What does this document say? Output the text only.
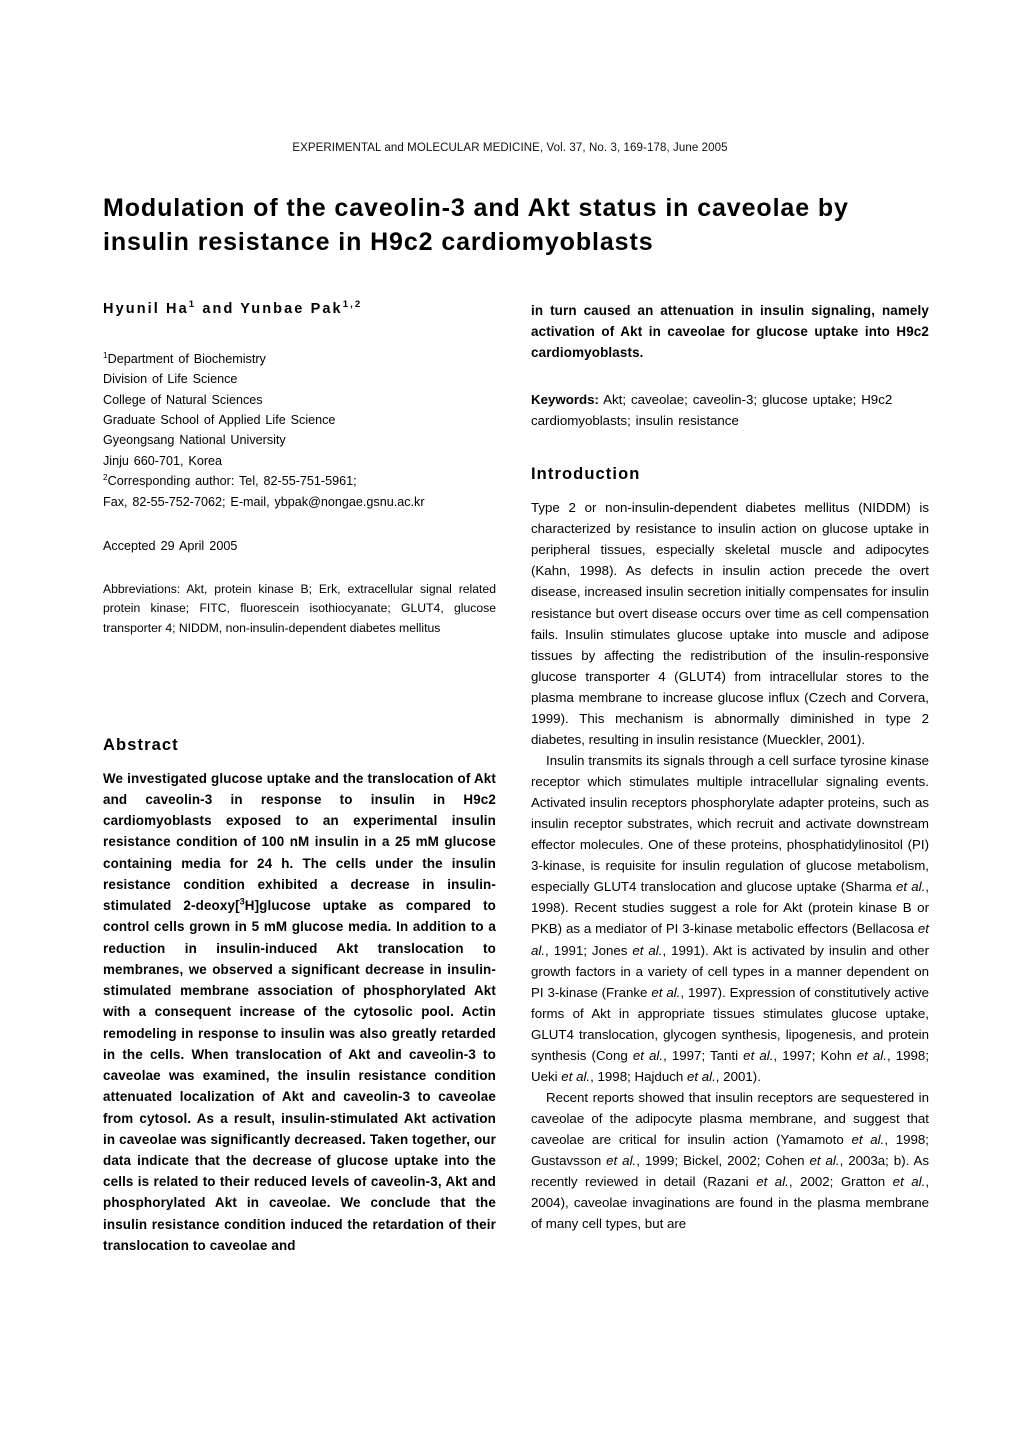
EXPERIMENTAL and MOLECULAR MEDICINE, Vol. 37, No. 3, 169-178, June 2005
Modulation of the caveolin-3 and Akt status in caveolae by
insulin resistance in H9c2 cardiomyoblasts
Hyunil Ha$^1$ and Yunbae Pak$^{1,2}$
$^1$Department of Biochemistry
Division of Life Science
College of Natural Sciences
Graduate School of Applied Life Science
Gyeongsang National University
Jinju 660-701, Korea
$^2$Corresponding author: Tel, 82-55-751-5961;
Fax, 82-55-752-7062; E-mail, ybpak@nongae.gsnu.ac.kr
Accepted 29 April 2005
Abbreviations: Akt, protein kinase B; Erk, extracellular signal related protein kinase; FITC, fluorescein isothiocyanate; GLUT4, glucose transporter 4; NIDDM, non-insulin-dependent diabetes mellitus
Abstract

We investigated glucose uptake and the translocation of Akt and caveolin-3 in response to insulin in H9c2 cardiomyoblasts exposed to an experimental insulin resistance condition of 100 nM insulin in a 25 mM glucose containing media for 24 h. The cells under the insulin resistance condition exhibited a decrease in insulin-stimulated 2-deoxy[$^3$H]glucose uptake as compared to control cells grown in 5 mM glucose media. In addition to a reduction in insulin-induced Akt translocation to membranes, we observed a significant decrease in insulin-stimulated membrane association of phosphorylated Akt with a consequent increase of the cytosolic pool. Actin remodeling in response to insulin was also greatly retarded in the cells. When translocation of Akt and caveolin-3 to caveolae was examined, the insulin resistance condition attenuated localization of Akt and caveolin-3 to caveolae from cytosol. As a result, insulin-stimulated Akt activation in caveolae was significantly decreased. Taken together, our data indicate that the decrease of glucose uptake into the cells is related to their reduced levels of caveolin-3, Akt and phosphorylated Akt in caveolae. We conclude that the insulin resistance condition induced the retardation of their translocation to caveolae and

in turn caused an attenuation in insulin signaling, namely activation of Akt in caveolae for glucose uptake into H9c2 cardiomyoblasts.

Keywords: Akt; caveolae; caveolin-3; glucose uptake; H9c2 cardiomyoblasts; insulin resistance

Introduction

Type 2 or non-insulin-dependent diabetes mellitus (NIDDM) is characterized by resistance to insulin action on glucose uptake in peripheral tissues, especially skeletal muscle and adipocytes (Kahn, 1998). As defects in insulin action precede the overt disease, increased insulin secretion initially compensates for insulin resistance but overt disease occurs over time as cell compensation fails. Insulin stimulates glucose uptake into muscle and adipose tissues by affecting the redistribution of the insulin-responsive glucose transporter 4 (GLUT4) from intracellular stores to the plasma membrane to increase glucose influx (Czech and Corvera, 1999). This mechanism is abnormally diminished in type 2 diabetes, resulting in insulin resistance (Mueckler, 2001).

Insulin transmits its signals through a cell surface tyrosine kinase receptor which stimulates multiple intracellular signaling events. Activated insulin receptors phosphorylate adapter proteins, such as insulin receptor substrates, which recruit and activate downstream effector molecules. One of these proteins, phosphatidylinositol (PI) 3-kinase, is requisite for insulin regulation of glucose metabolism, especially GLUT4 translocation and glucose uptake (Sharma et al., 1998). Recent studies suggest a role for Akt (protein kinase B or PKB) as a mediator of PI 3-kinase metabolic effectors (Bellacosa et al., 1991; Jones et al., 1991). Akt is activated by insulin and other growth factors in a variety of cell types in a manner dependent on PI 3-kinase (Franke et al., 1997). Expression of constitutively active forms of Akt in appropriate tissues stimulates glucose uptake, GLUT4 translocation, glycogen synthesis, lipogenesis, and protein synthesis (Cong et al., 1997; Tanti et al., 1997; Kohn et al., 1998; Ueki et al., 1998; Hajduch et al., 2001).

Recent reports showed that insulin receptors are sequestered in caveolae of the adipocyte plasma membrane, and suggest that caveolae are critical for insulin action (Yamamoto et al., 1998; Gustavsson et al., 1999; Bickel, 2002; Cohen et al., 2003a; b). As recently reviewed in detail (Razani et al., 2002; Gratton et al., 2004), caveolae invaginations are found in the plasma membrane of many cell types, but are
